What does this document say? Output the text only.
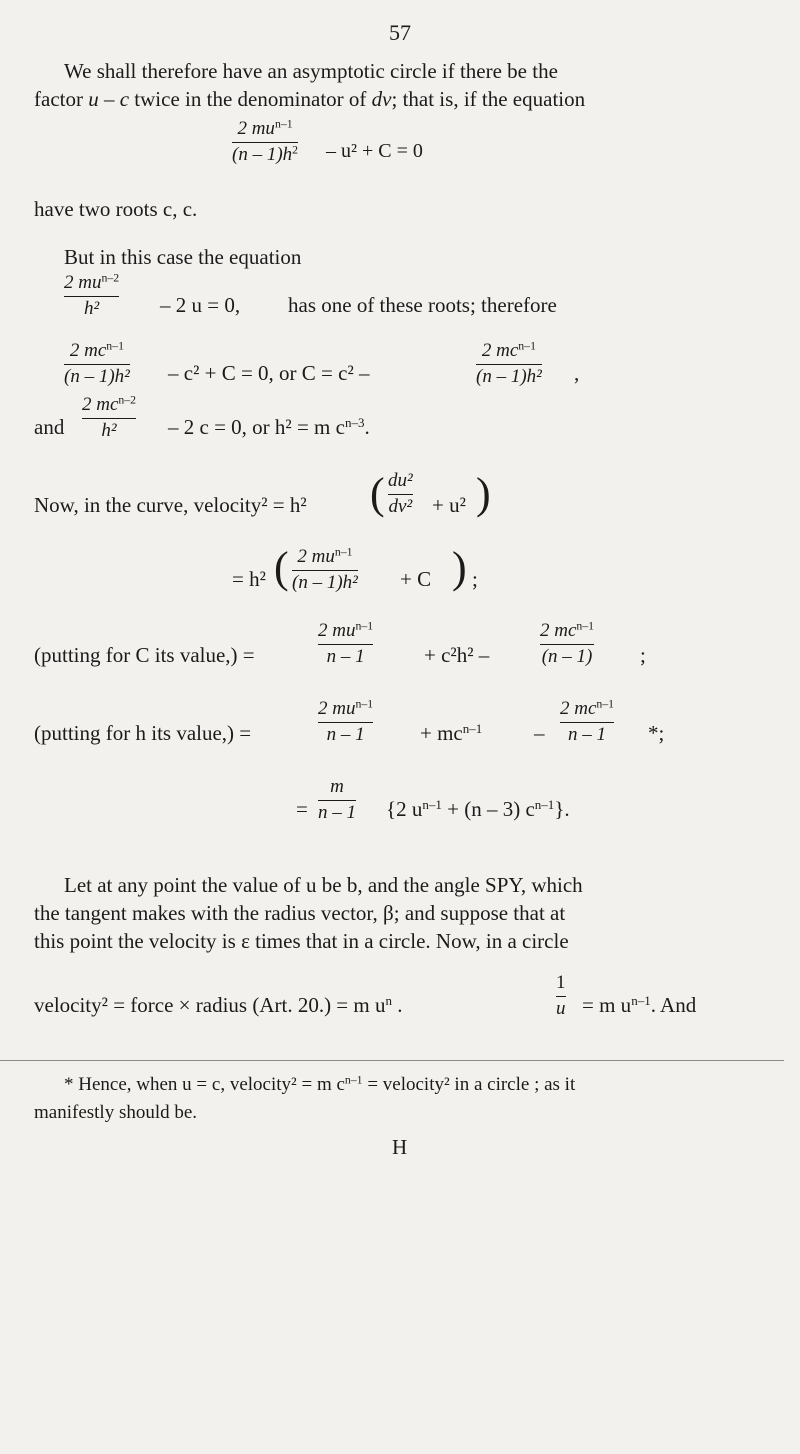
57
We shall therefore have an asymptotic circle if there be the
factor u – c twice in the denominator of dv; that is, if the equation
2 $mu^{n-1}$
$(n - 1)h^2 - u^2 + C = 0$
have two roots c, c.
But in this case the equation
2 $mu^{n-2}$
h²	– 2 u = 0, has one of these roots; therefore
2 $mc^{n-1}$
(n – 1)h² – c² + C = 0, or C = c² –
2 $mc^{n-1}$
(n – 1)h² ,
and
2 $mc^{n-2}$
h² – 2 c = 0, or h² = m $c^{n-3}$.
Now, in the curve, velocity² = h² ( du²
dv² + u² )
= h² ( 2 $mu^{n-1}$
(n – 1)h² + C ) ;
(putting for C its value,) =
2 $mu^{n-1}$
n – 1	+ c²h² –
2 $mc^{n-1}$
(n – 1) ;
(putting for h its value,) =
2 $mu^{n-1}$
n – 1	+ $mc^{n-1}$ –
2 $mc^{n-1}$
n – 1 *;
=
m
n – 1 {2 $u^{n-1} + (n - 3)$ $c^{n-1}$}.
Let at any point the value of u be b, and the angle SPY, which
the tangent makes with the radius vector, β; and suppose that at
this point the velocity is ε times that in a circle. Now, in a circle
velocity² = force × radius (Art. 20.) = m $u^n$ .
1
u = m $u^{n-1}$. And
* Hence, when u = c, velocity² = m $c^{n-1}$ = velocity² in a circle ; as it
manifestly should be.
H
